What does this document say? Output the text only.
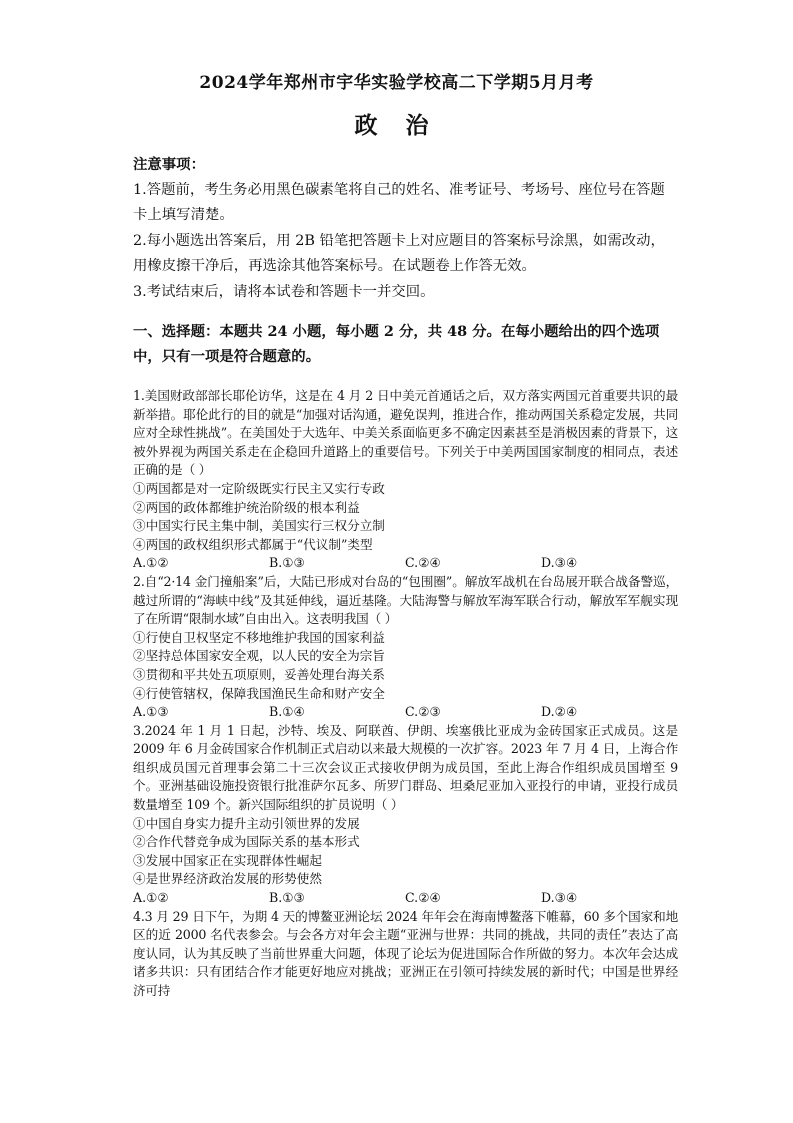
2024学年郑州市宇华实验学校高二下学期5月月考
政 治

注意事项：

1.答题前，考生务必用黑色碳素笔将自己的姓名、准考证号、考场号、座位号在答题卡上填写清楚。

2.每小题选出答案后，用 2B 铅笔把答题卡上对应题目的答案标号涂黑，如需改动，用橡皮擦干净后，再选涂其他答案标号。在试题卷上作答无效。

3.考试结束后，请将本试卷和答题卡一并交回。

一、选择题：本题共 24 小题，每小题 2 分，共 48 分。在每小题给出的四个选项中，只有一项是符合题意的。

1.美国财政部部长耶伦访华，这是在 4 月 2 日中美元首通话之后，双方落实两国元首重要共识的最新举措。耶伦此行的目的就是“加强对话沟通，避免误判，推进合作，推动两国关系稳定发展，共同应对全球性挑战”。在美国处于大选年、中美关系面临更多不确定因素甚至是消极因素的背景下，这被外界视为两国关系走在企稳回升道路上的重要信号。下列关于中美两国国家制度的相同点，表述正确的是（ ）

①两国都是对一定阶级既实行民主又实行专政

②两国的政体都维护统治阶级的根本利益

③中国实行民主集中制，美国实行三权分立制

④两国的政权组织形式都属于“代议制”类型

A.①②	B.①③	C.②④	D.③④

2.自“2·14 金门撞船案”后，大陆已形成对台岛的“包围圈”。解放军战机在台岛展开联合战备警巡，越过所谓的“海峡中线”及其延伸线，逼近基隆。大陆海警与解放军海军联合行动，解放军军舰实现了在所谓“限制水域”自由出入。这表明我国（ ）

①行使自卫权坚定不移地维护我国的国家利益

②坚持总体国家安全观，以人民的安全为宗旨

③贯彻和平共处五项原则，妥善处理台海关系

④行使管辖权，保障我国渔民生命和财产安全

A.①③	B.①④	C.②③	D.②④

3.2024 年 1 月 1 日起，沙特、埃及、阿联酋、伊朗、埃塞俄比亚成为金砖国家正式成员。这是 2009 年 6 月金砖国家合作机制正式启动以来最大规模的一次扩容。2023 年 7 月 4 日，上海合作组织成员国元首理事会第二十三次会议正式接收伊朗为成员国，至此上海合作组织成员国增至 9 个。亚洲基础设施投资银行批准萨尔瓦多、所罗门群岛、坦桑尼亚加入亚投行的申请，亚投行成员数量增至 109 个。新兴国际组织的扩员说明（ ）

①中国自身实力提升主动引领世界的发展

②合作代替竞争成为国际关系的基本形式

③发展中国家正在实现群体性崛起

④是世界经济政治发展的形势使然

A.①②	B.①③	C.②④	D.③④

4.3 月 29 日下午，为期 4 天的博鳌亚洲论坛 2024 年年会在海南博鳌落下帷幕，60 多个国家和地区的近 2000 名代表参会。与会各方对年会主题“亚洲与世界：共同的挑战，共同的责任”表达了高度认同，认为其反映了当前世界重大问题，体现了论坛为促进国际合作所做的努力。本次年会达成诸多共识：只有团结合作才能更好地应对挑战；亚洲正在引领可持续发展的新时代；中国是世界经济可持
